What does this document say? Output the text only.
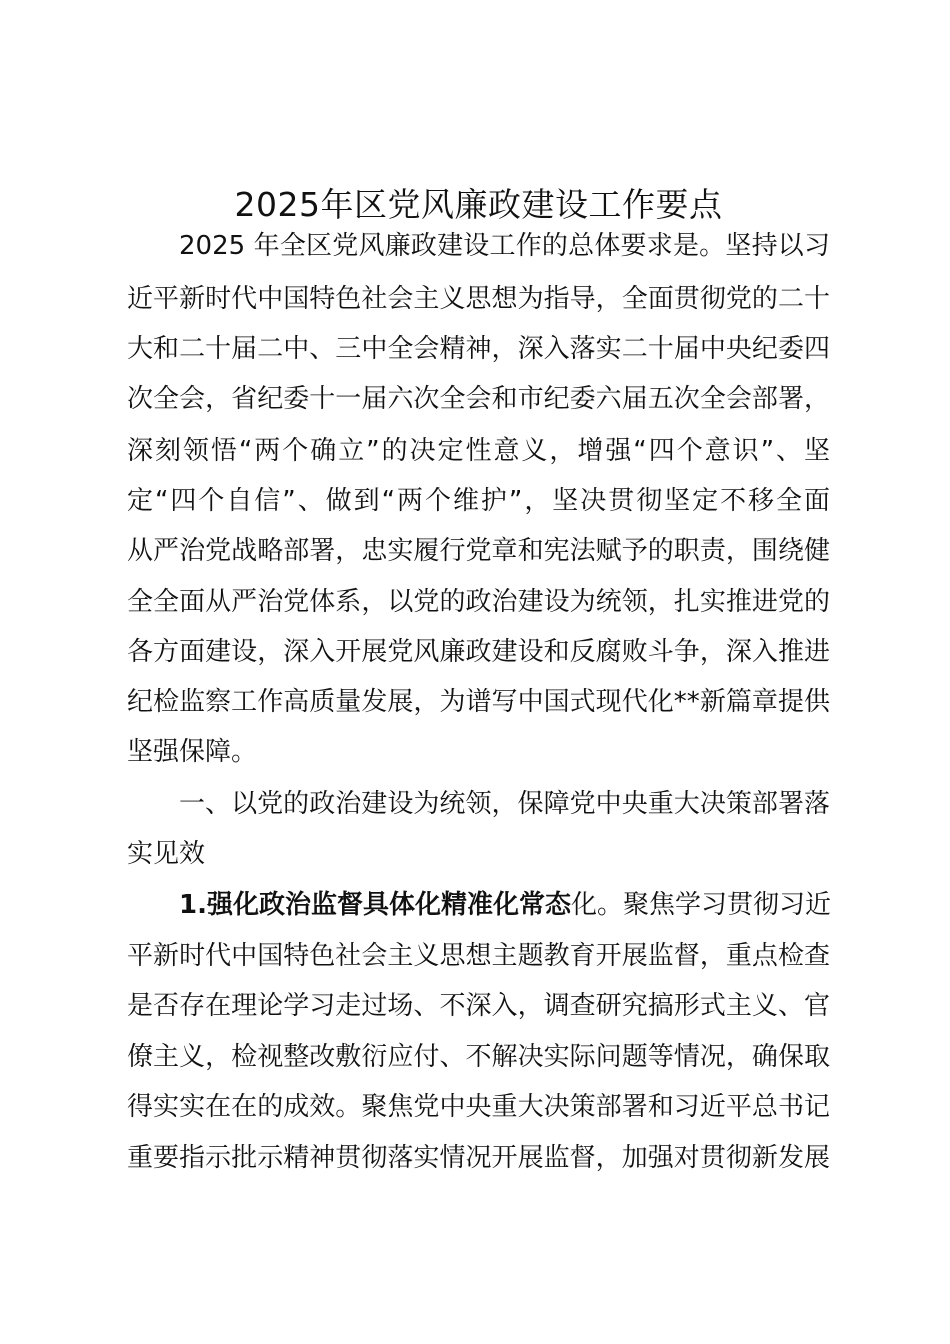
2025年区党风廉政建设工作要点
2025 年全区党风廉政建设工作的总体要求是。坚持以习
近平新时代中国特色社会主义思想为指导，全面贯彻党的二十
大和二十届二中、三中全会精神，深入落实二十届中央纪委四
次全会，省纪委十一届六次全会和市纪委六届五次全会部署，
深刻领悟“两个确立”的决定性意义，增强“四个意识”、坚
定“四个自信”、做到“两个维护”，坚决贯彻坚定不移全面
从严治党战略部署，忠实履行党章和宪法赋予的职责，围绕健
全全面从严治党体系，以党的政治建设为统领，扎实推进党的
各方面建设，深入开展党风廉政建设和反腐败斗争，深入推进
纪检监察工作高质量发展，为谱写中国式现代化**新篇章提供
坚强保障。
一、以党的政治建设为统领，保障党中央重大决策部署落
实见效
1.强化政治监督具体化精准化常态化。聚焦学习贯彻习近
平新时代中国特色社会主义思想主题教育开展监督，重点检查
是否存在理论学习走过场、不深入，调查研究搞形式主义、官
僚主义，检视整改敷衍应付、不解决实际问题等情况，确保取
得实实在在的成效。聚焦党中央重大决策部署和习近平总书记
重要指示批示精神贯彻落实情况开展监督，加强对贯彻新发展
